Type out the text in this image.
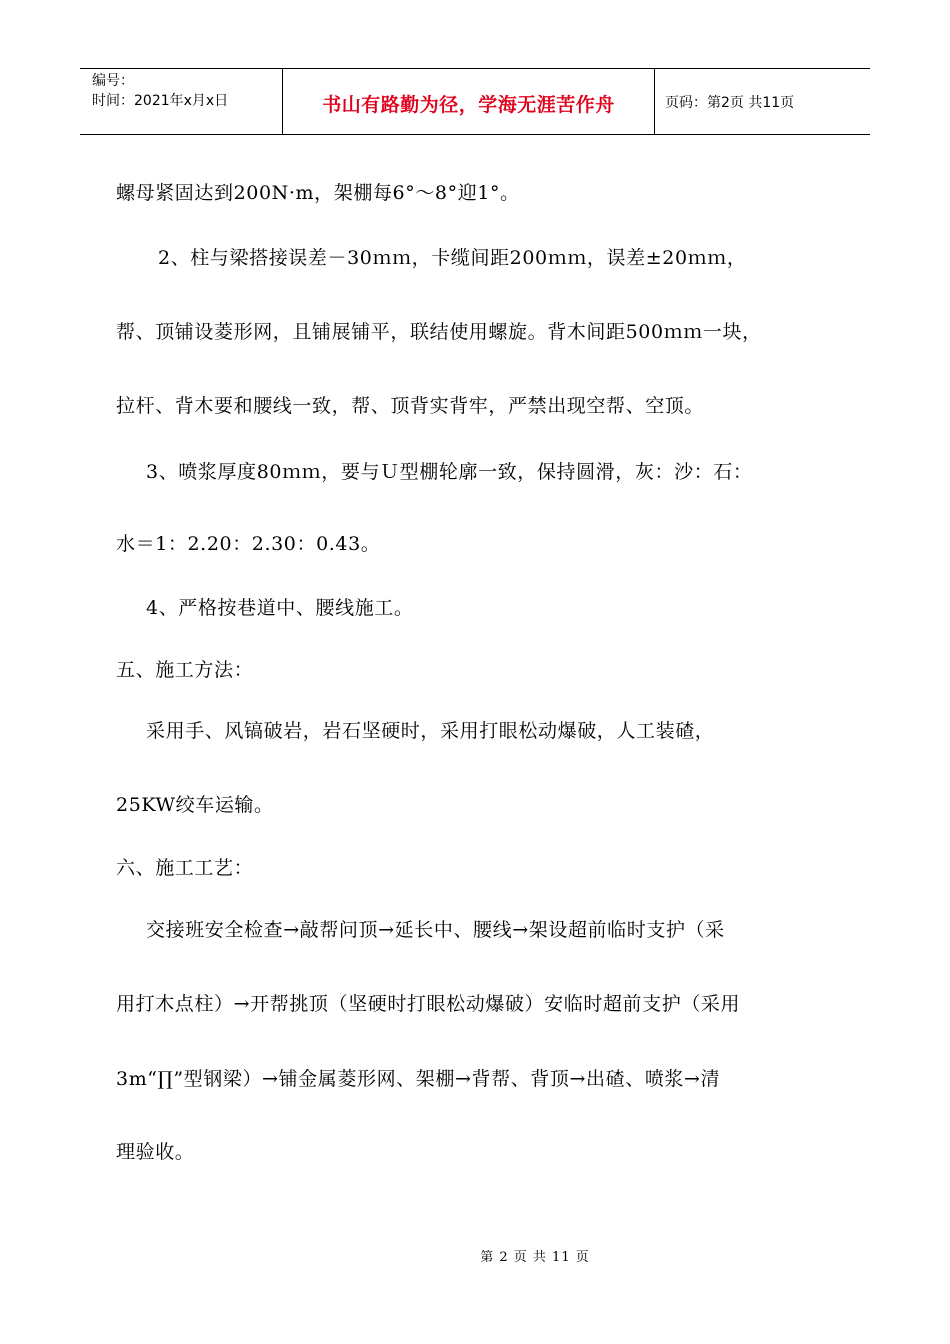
编号：
时间：2021年x月x日	书山有路勤为径，学海无涯苦作舟	页码：第2页 共11页
螺母紧固达到200N·m，架棚每6°～8°迎1°。
2、柱与梁搭接误差－30ｍｍ，卡缆间距200ｍｍ，误差±20ｍｍ，
帮、顶铺设菱形网，且铺展铺平，联结使用螺旋。背木间距500ｍｍ一块，
拉杆、背木要和腰线一致，帮、顶背实背牢，严禁出现空帮、空顶。
3、喷浆厚度80ｍｍ，要与Ｕ型棚轮廓一致，保持圆滑，灰：沙：石：
水＝1：2.20：2.30：0.43。
4、严格按巷道中、腰线施工。
五、施工方法：
采用手、风镐破岩，岩石坚硬时，采用打眼松动爆破，人工装碴，
25KW绞车运输。
六、施工工艺：
交接班安全检查→敲帮问顶→延长中、腰线→架设超前临时支护（采
用打木点柱）→开帮挑顶（坚硬时打眼松动爆破）安临时超前支护（采用
3m“∏”型钢梁）→铺金属菱形网、架棚→背帮、背顶→出碴、喷浆→清
理验收。
第 2 页 共 11 页
